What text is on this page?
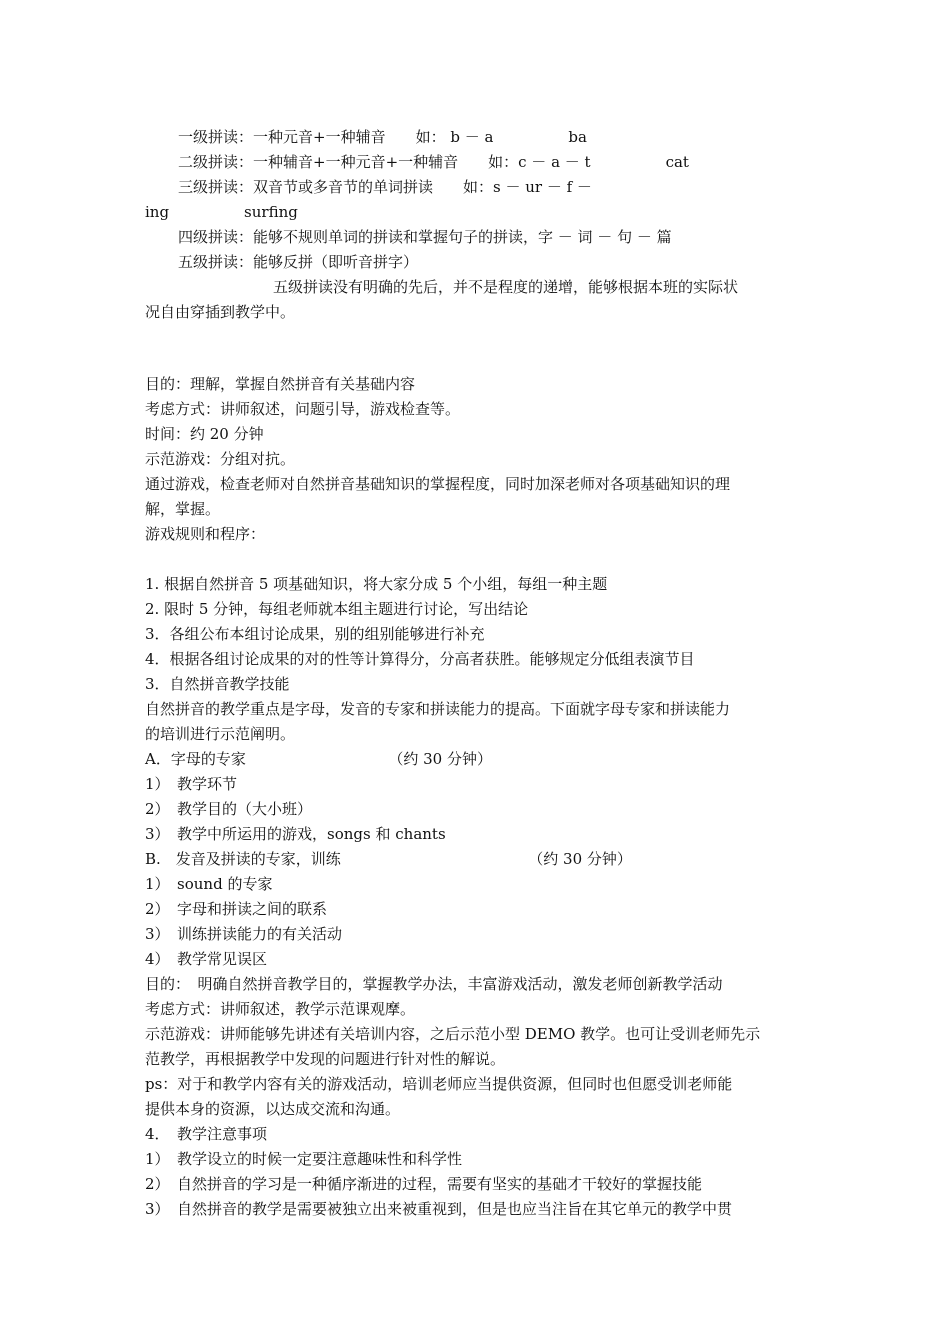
一级拼读：一种元音+一种辅音　　如： b － a　　　　　ba
二级拼读：一种辅音+一种元音+一种辅音　　如：c － a － t　　　　　cat
三级拼读：双音节或多音节的单词拼读　　如：s － ur － f －
ing　　　　　surfing
四级拼读：能够不规则单词的拼读和掌握句子的拼读，字 － 词 － 句 － 篇
五级拼读：能够反拼（即听音拼字）
五级拼读没有明确的先后，并不是程度的递增，能够根据本班的实际状
况自由穿插到教学中。
目的：理解，掌握自然拼音有关基础内容
考虑方式：讲师叙述，问题引导，游戏检查等。
时间：约 20 分钟
示范游戏：分组对抗。
通过游戏，检查老师对自然拼音基础知识的掌握程度，同时加深老师对各项基础知识的理
解，掌握。
游戏规则和程序：
1. 根据自然拼音 5 项基础知识，将大家分成 5 个小组，每组一种主题
2. 限时 5 分钟，每组老师就本组主题进行讨论，写出结论
3．各组公布本组讨论成果，别的组别能够进行补充
4．根据各组讨论成果的对的性等计算得分，分高者获胜。能够规定分低组表演节目
3．自然拼音教学技能
自然拼音的教学重点是字母，发音的专家和拼读能力的提高。下面就字母专家和拼读能力
的培训进行示范阐明。
A．字母的专家　　　　　　　　　　（约 30 分钟）
1）　教学环节
2）　教学目的（大小班）
3）　教学中所运用的游戏，songs 和 chants
B.　发音及拼读的专家，训练　　　　　　　　　　　　　（约 30 分钟）
1）　sound 的专家
2）　字母和拼读之间的联系
3）　训练拼读能力的有关活动
4）　教学常见误区
目的：　明确自然拼音教学目的，掌握教学办法，丰富游戏活动，激发老师创新教学活动
考虑方式：讲师叙述，教学示范课观摩。
示范游戏：讲师能够先讲述有关培训内容，之后示范小型 DEMO 教学。也可让受训老师先示
范教学，再根据教学中发现的问题进行针对性的解说。
ps：对于和教学内容有关的游戏活动，培训老师应当提供资源，但同时也但愿受训老师能
提供本身的资源，以达成交流和沟通。
4．　教学注意事项
1）　教学设立的时候一定要注意趣味性和科学性
2）　自然拼音的学习是一种循序渐进的过程，需要有坚实的基础才干较好的掌握技能
3）　自然拼音的教学是需要被独立出来被重视到，但是也应当注旨在其它单元的教学中贯
